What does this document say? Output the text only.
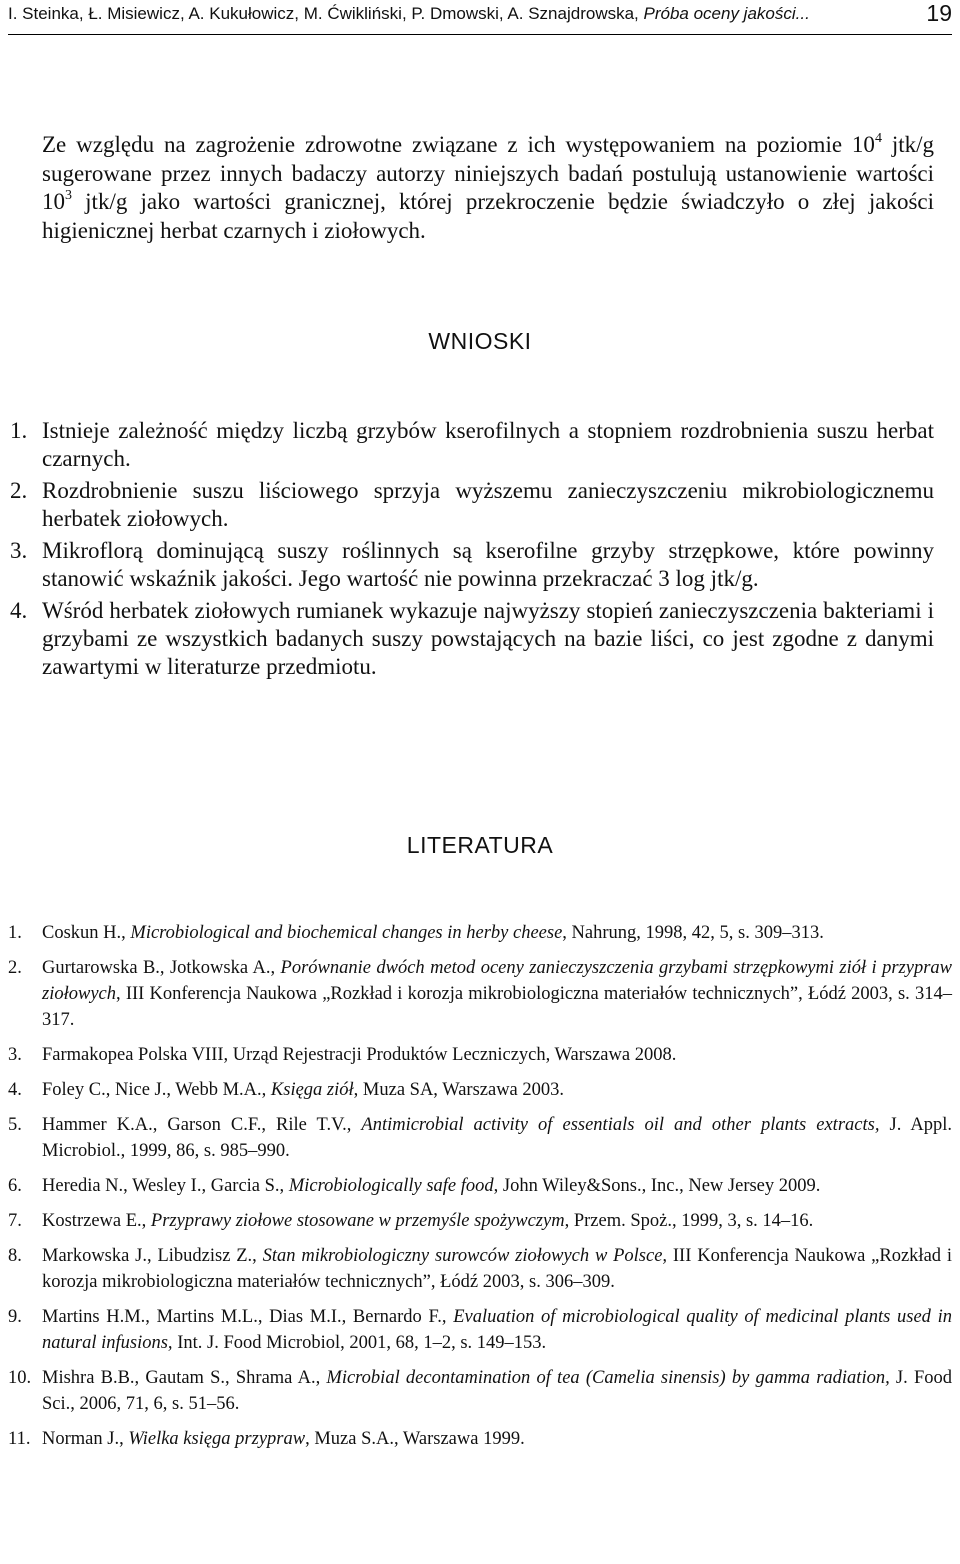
I. Steinka, Ł. Misiewicz, A. Kukułowicz, M. Ćwikliński, P. Dmowski, A. Sznajdrowska, Próba oceny jakości...	19

Ze względu na zagrożenie zdrowotne związane z ich występowaniem na poziomie $10^4$ jtk/g sugerowane przez innych badaczy autorzy niniejszych badań postulują ustanowienie wartości $10^3$ jtk/g jako wartości granicznej, której przekroczenie będzie świadczyło o złej jakości higienicznej herbat czarnych i ziołowych.

WNIOSKI
1. Istnieje zależność między liczbą grzybów kserofilnych a stopniem rozdrobnienia suszu herbat czarnych.
2. Rozdrobnienie suszu liściowego sprzyja wyższemu zanieczyszczeniu mikrobiologicznemu herbatek ziołowych.
3. Mikroflorą dominującą suszy roślinnych są kserofilne grzyby strzępkowe, które powinny stanowić wskaźnik jakości. Jego wartość nie powinna przekraczać 3 log jtk/g.
4. Wśród herbatek ziołowych rumianek wykazuje najwyższy stopień zanieczyszczenia bakteriami i grzybami ze wszystkich badanych suszy powstających na bazie liści, co jest zgodne z danymi zawartymi w literaturze przedmiotu.
LITERATURA
1.	Coskun H., Microbiological and biochemical changes in herby cheese, Nahrung, 1998, 42, 5, s. 309–313.
2.	Gurtarowska B., Jotkowska A., Porównanie dwóch metod oceny zanieczyszczenia grzybami strzępkowymi ziół i przypraw ziołowych, III Konferencja Naukowa „Rozkład i korozja mikrobiologiczna materiałów technicznych”, Łódź 2003, s. 314–317.
3.	Farmakopea Polska VIII, Urząd Rejestracji Produktów Leczniczych, Warszawa 2008.
4.	Foley C., Nice J., Webb M.A., Księga ziół, Muza SA, Warszawa 2003.
5.	Hammer K.A., Garson C.F., Rile T.V., Antimicrobial activity of essentials oil and other plants extracts, J. Appl. Microbiol., 1999, 86, s. 985–990.
6.	Heredia N., Wesley I., Garcia S., Microbiologically safe food, John Wiley&Sons., Inc., New Jersey 2009.
7.	Kostrzewa E., Przyprawy ziołowe stosowane w przemyśle spożywczym, Przem. Spoż., 1999, 3, s. 14–16.
8.	Markowska J., Libudzisz Z., Stan mikrobiologiczny surowców ziołowych w Polsce, III Konferencja Naukowa „Rozkład i korozja mikrobiologiczna materiałów technicznych”, Łódź 2003, s. 306–309.
9.	Martins H.M., Martins M.L., Dias M.I., Bernardo F., Evaluation of microbiological quality of medicinal plants used in natural infusions, Int. J. Food Microbiol, 2001, 68, 1–2, s. 149–153.
10. Mishra B.B., Gautam S., Shrama A., Microbial decontamination of tea (Camelia sinensis) by gamma radiation, J. Food Sci., 2006, 71, 6, s. 51–56.
11. Norman J., Wielka księga przypraw, Muza S.A., Warszawa 1999.
